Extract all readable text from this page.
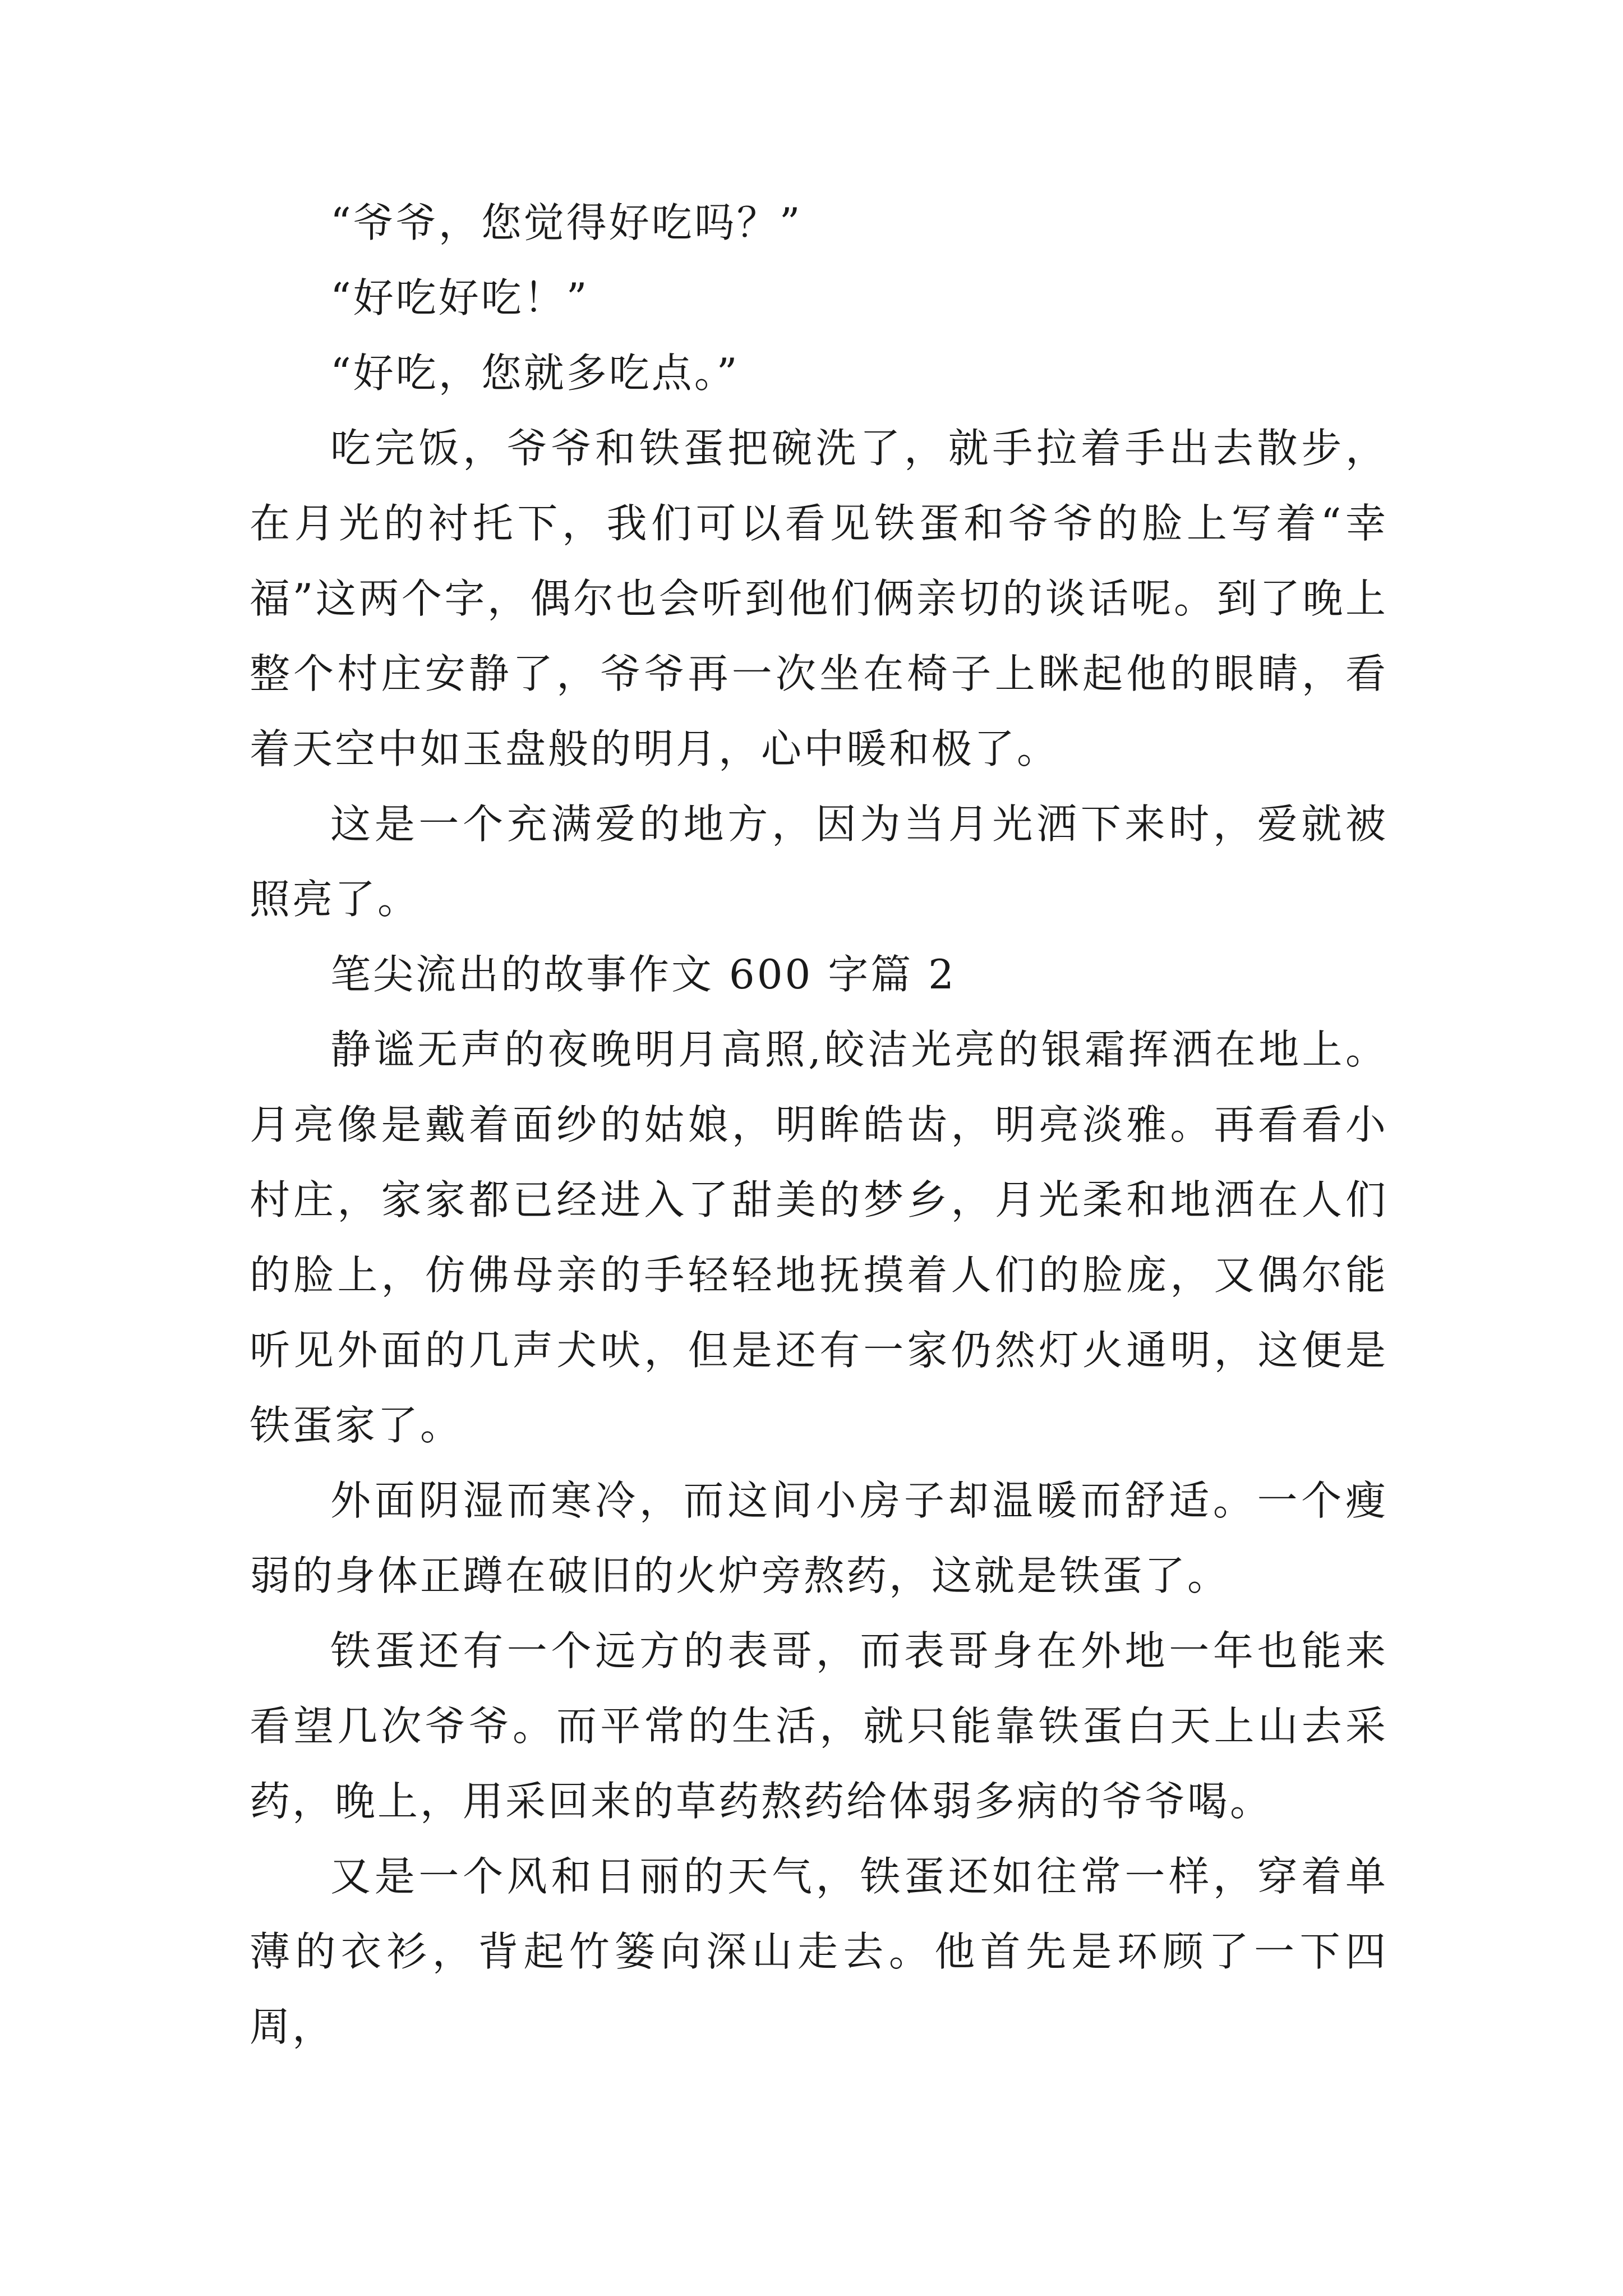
“爷爷，您觉得好吃吗？”

“好吃好吃！”

“好吃，您就多吃点。”

吃完饭，爷爷和铁蛋把碗洗了，就手拉着手出去散步，在月光的衬托下，我们可以看见铁蛋和爷爷的脸上写着“幸福”这两个字，偶尔也会听到他们俩亲切的谈话呢。到了晚上整个村庄安静了，爷爷再一次坐在椅子上眯起他的眼睛，看着天空中如玉盘般的明月，心中暖和极了。

这是一个充满爱的地方，因为当月光洒下来时，爱就被照亮了。

笔尖流出的故事作文 600 字篇 2

静谧无声的夜晚明月高照,皎洁光亮的银霜挥洒在地上。月亮像是戴着面纱的姑娘，明眸皓齿，明亮淡雅。再看看小村庄，家家都已经进入了甜美的梦乡，月光柔和地洒在人们的脸上，仿佛母亲的手轻轻地抚摸着人们的脸庞，又偶尔能听见外面的几声犬吠，但是还有一家仍然灯火通明，这便是铁蛋家了。

外面阴湿而寒冷，而这间小房子却温暖而舒适。一个瘦弱的身体正蹲在破旧的火炉旁熬药，这就是铁蛋了。

铁蛋还有一个远方的表哥，而表哥身在外地一年也能来看望几次爷爷。而平常的生活，就只能靠铁蛋白天上山去采药，晚上，用采回来的草药熬药给体弱多病的爷爷喝。

又是一个风和日丽的天气，铁蛋还如往常一样，穿着单薄的衣衫，背起竹篓向深山走去。他首先是环顾了一下四周，
